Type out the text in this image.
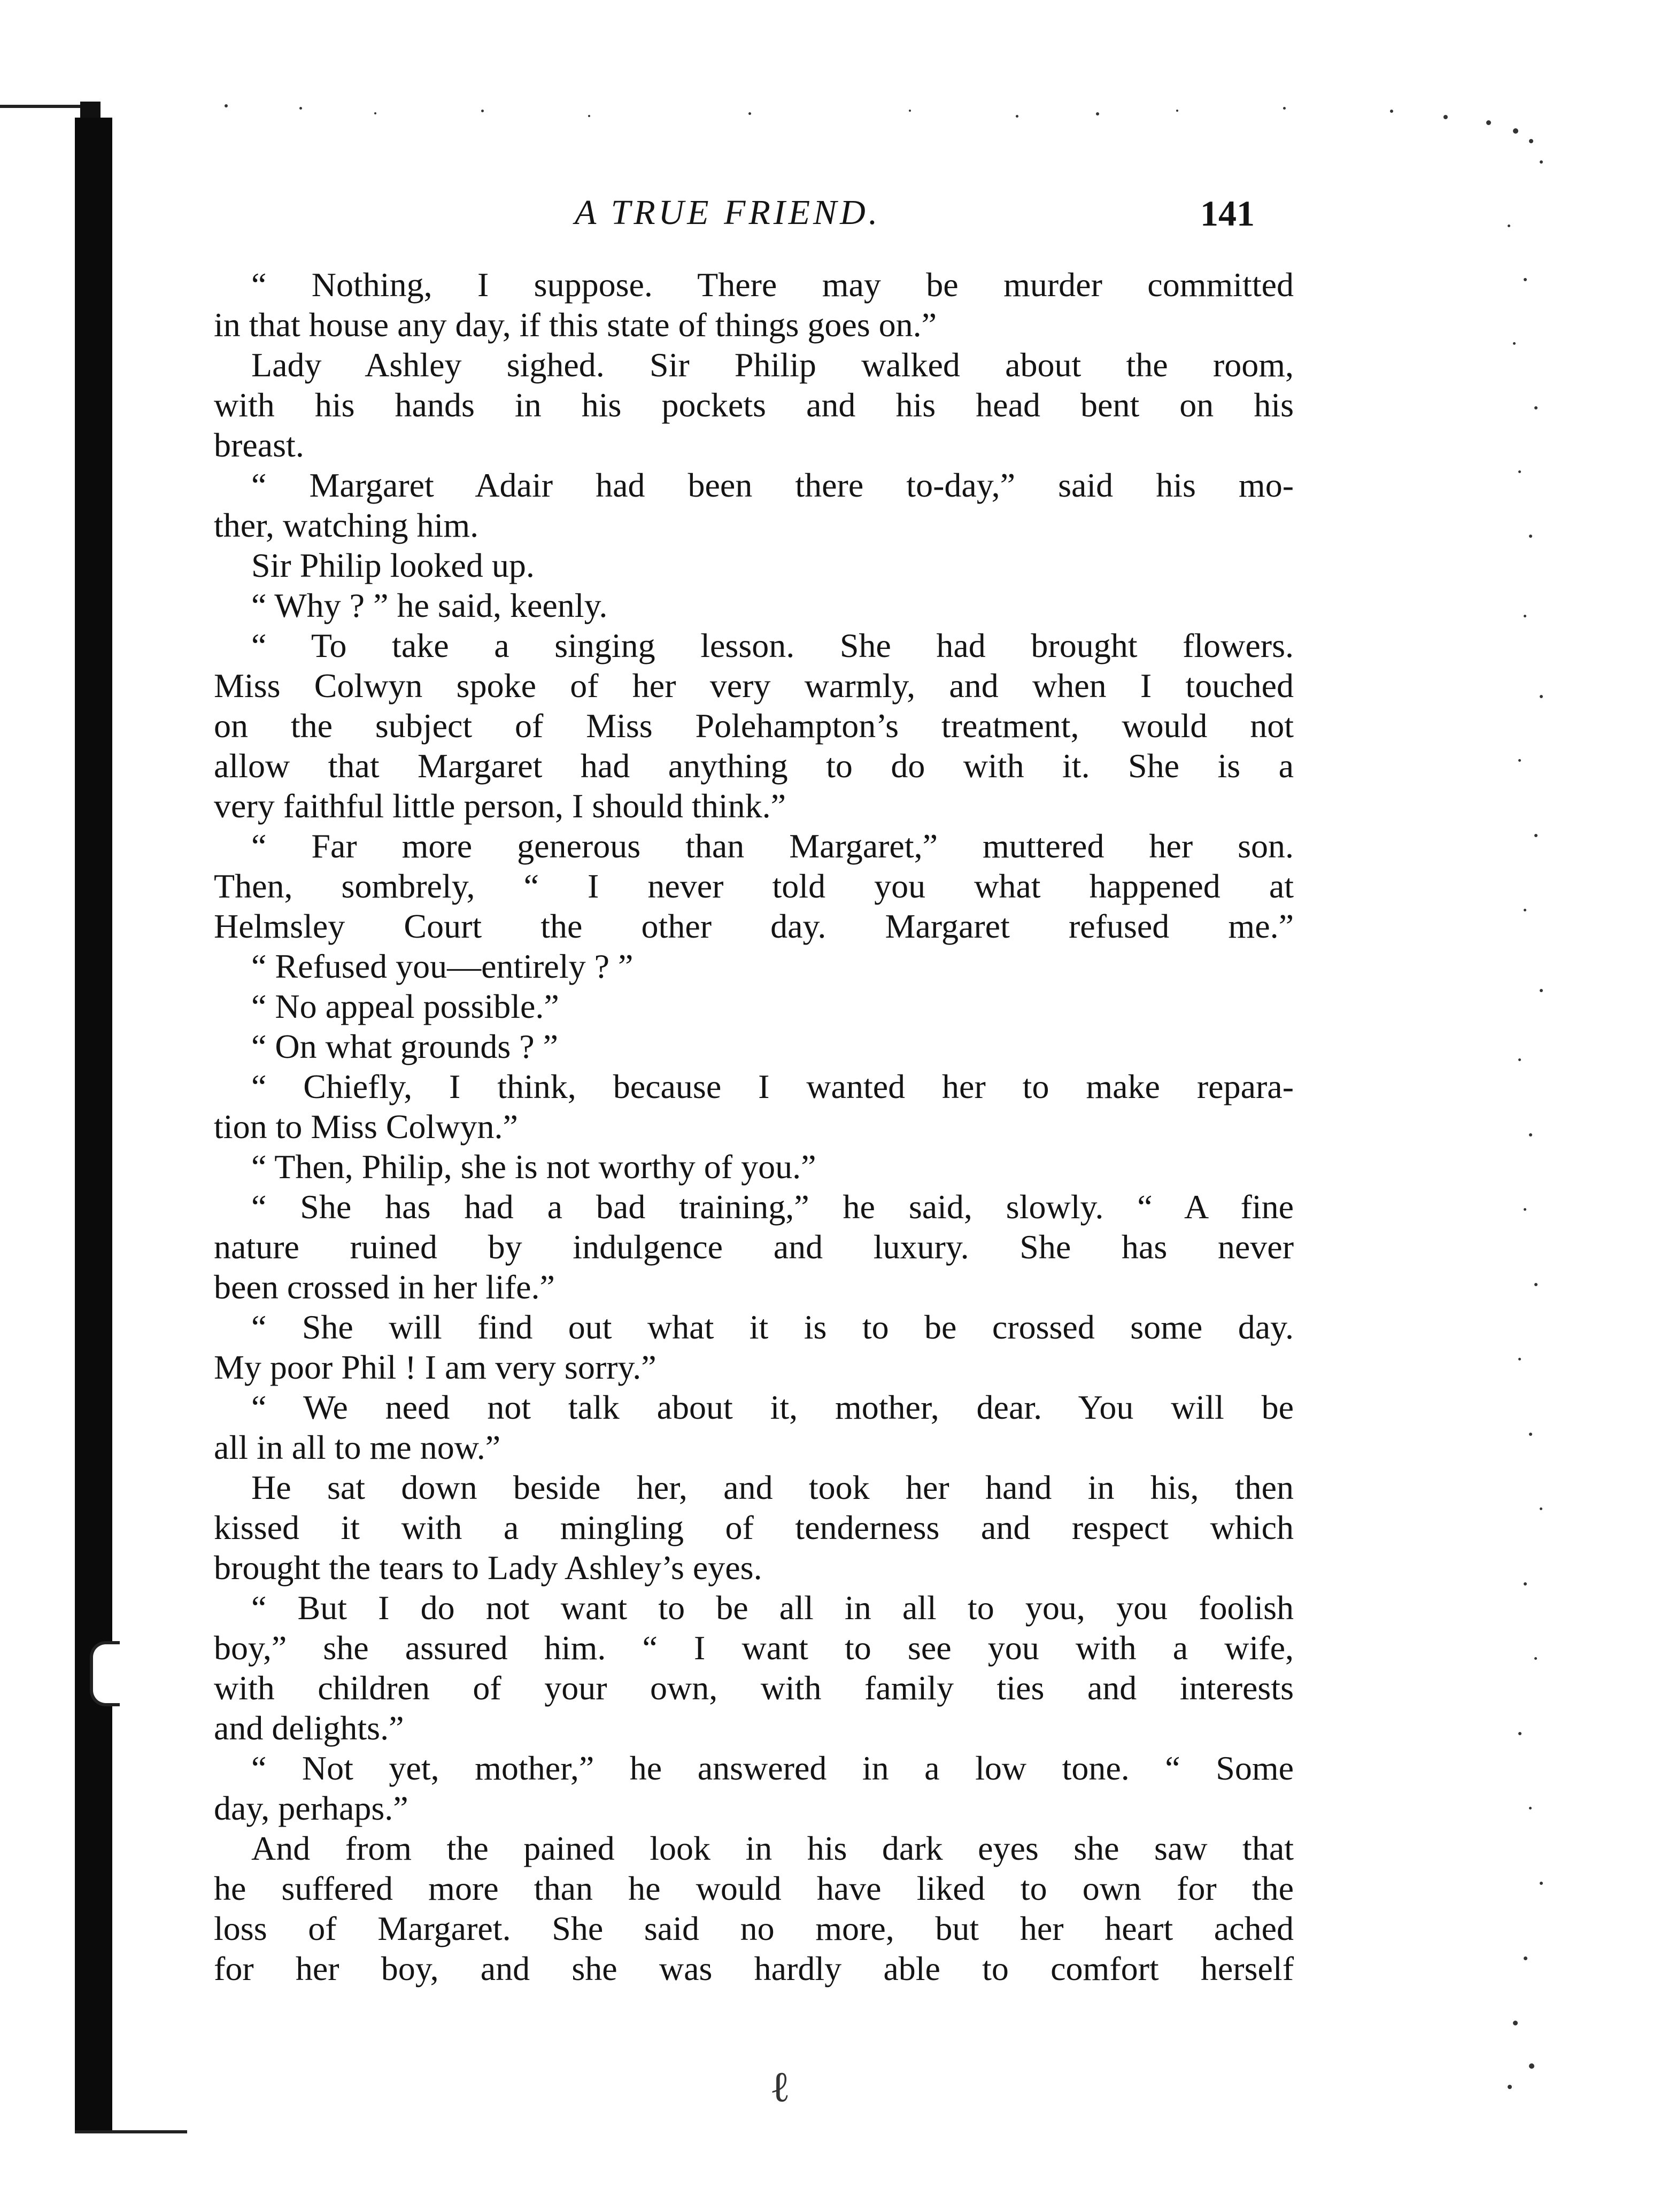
A TRUE FRIEND.	141
“ Nothing, I suppose. There may be murder committed
in that house any day, if this state of things goes on.”
Lady Ashley sighed. Sir Philip walked about the room,
with his hands in his pockets and his head bent on his
breast.
“ Margaret Adair had been there to-day,” said his mo-
ther, watching him.
Sir Philip looked up.
“ Why ? ” he said, keenly.
“ To take a singing lesson. She had brought flowers.
Miss Colwyn spoke of her very warmly, and when I touched
on the subject of Miss Polehampton’s treatment, would not
allow that Margaret had anything to do with it. She is a
very faithful little person, I should think.”
“ Far more generous than Margaret,” muttered her son.
Then, sombrely, “ I never told you what happened at
Helmsley Court the other day. Margaret refused me.”
“ Refused you—entirely ? ”
“ No appeal possible.”
“ On what grounds ? ”
“ Chiefly, I think, because I wanted her to make repara-
tion to Miss Colwyn.”
“ Then, Philip, she is not worthy of you.”
“ She has had a bad training,” he said, slowly. “ A fine
nature ruined by indulgence and luxury. She has never
been crossed in her life.”
“ She will find out what it is to be crossed some day.
My poor Phil ! I am very sorry.”
“ We need not talk about it, mother, dear. You will be
all in all to me now.”
He sat down beside her, and took her hand in his, then
kissed it with a mingling of tenderness and respect which
brought the tears to Lady Ashley’s eyes.
“ But I do not want to be all in all to you, you foolish
boy,” she assured him. “ I want to see you with a wife,
with children of your own, with family ties and interests
and delights.”
“ Not yet, mother,” he answered in a low tone. “ Some
day, perhaps.”
And from the pained look in his dark eyes she saw that
he suffered more than he would have liked to own for the
loss of Margaret. She said no more, but her heart ached
for her boy, and she was hardly able to comfort herself
ℓ
